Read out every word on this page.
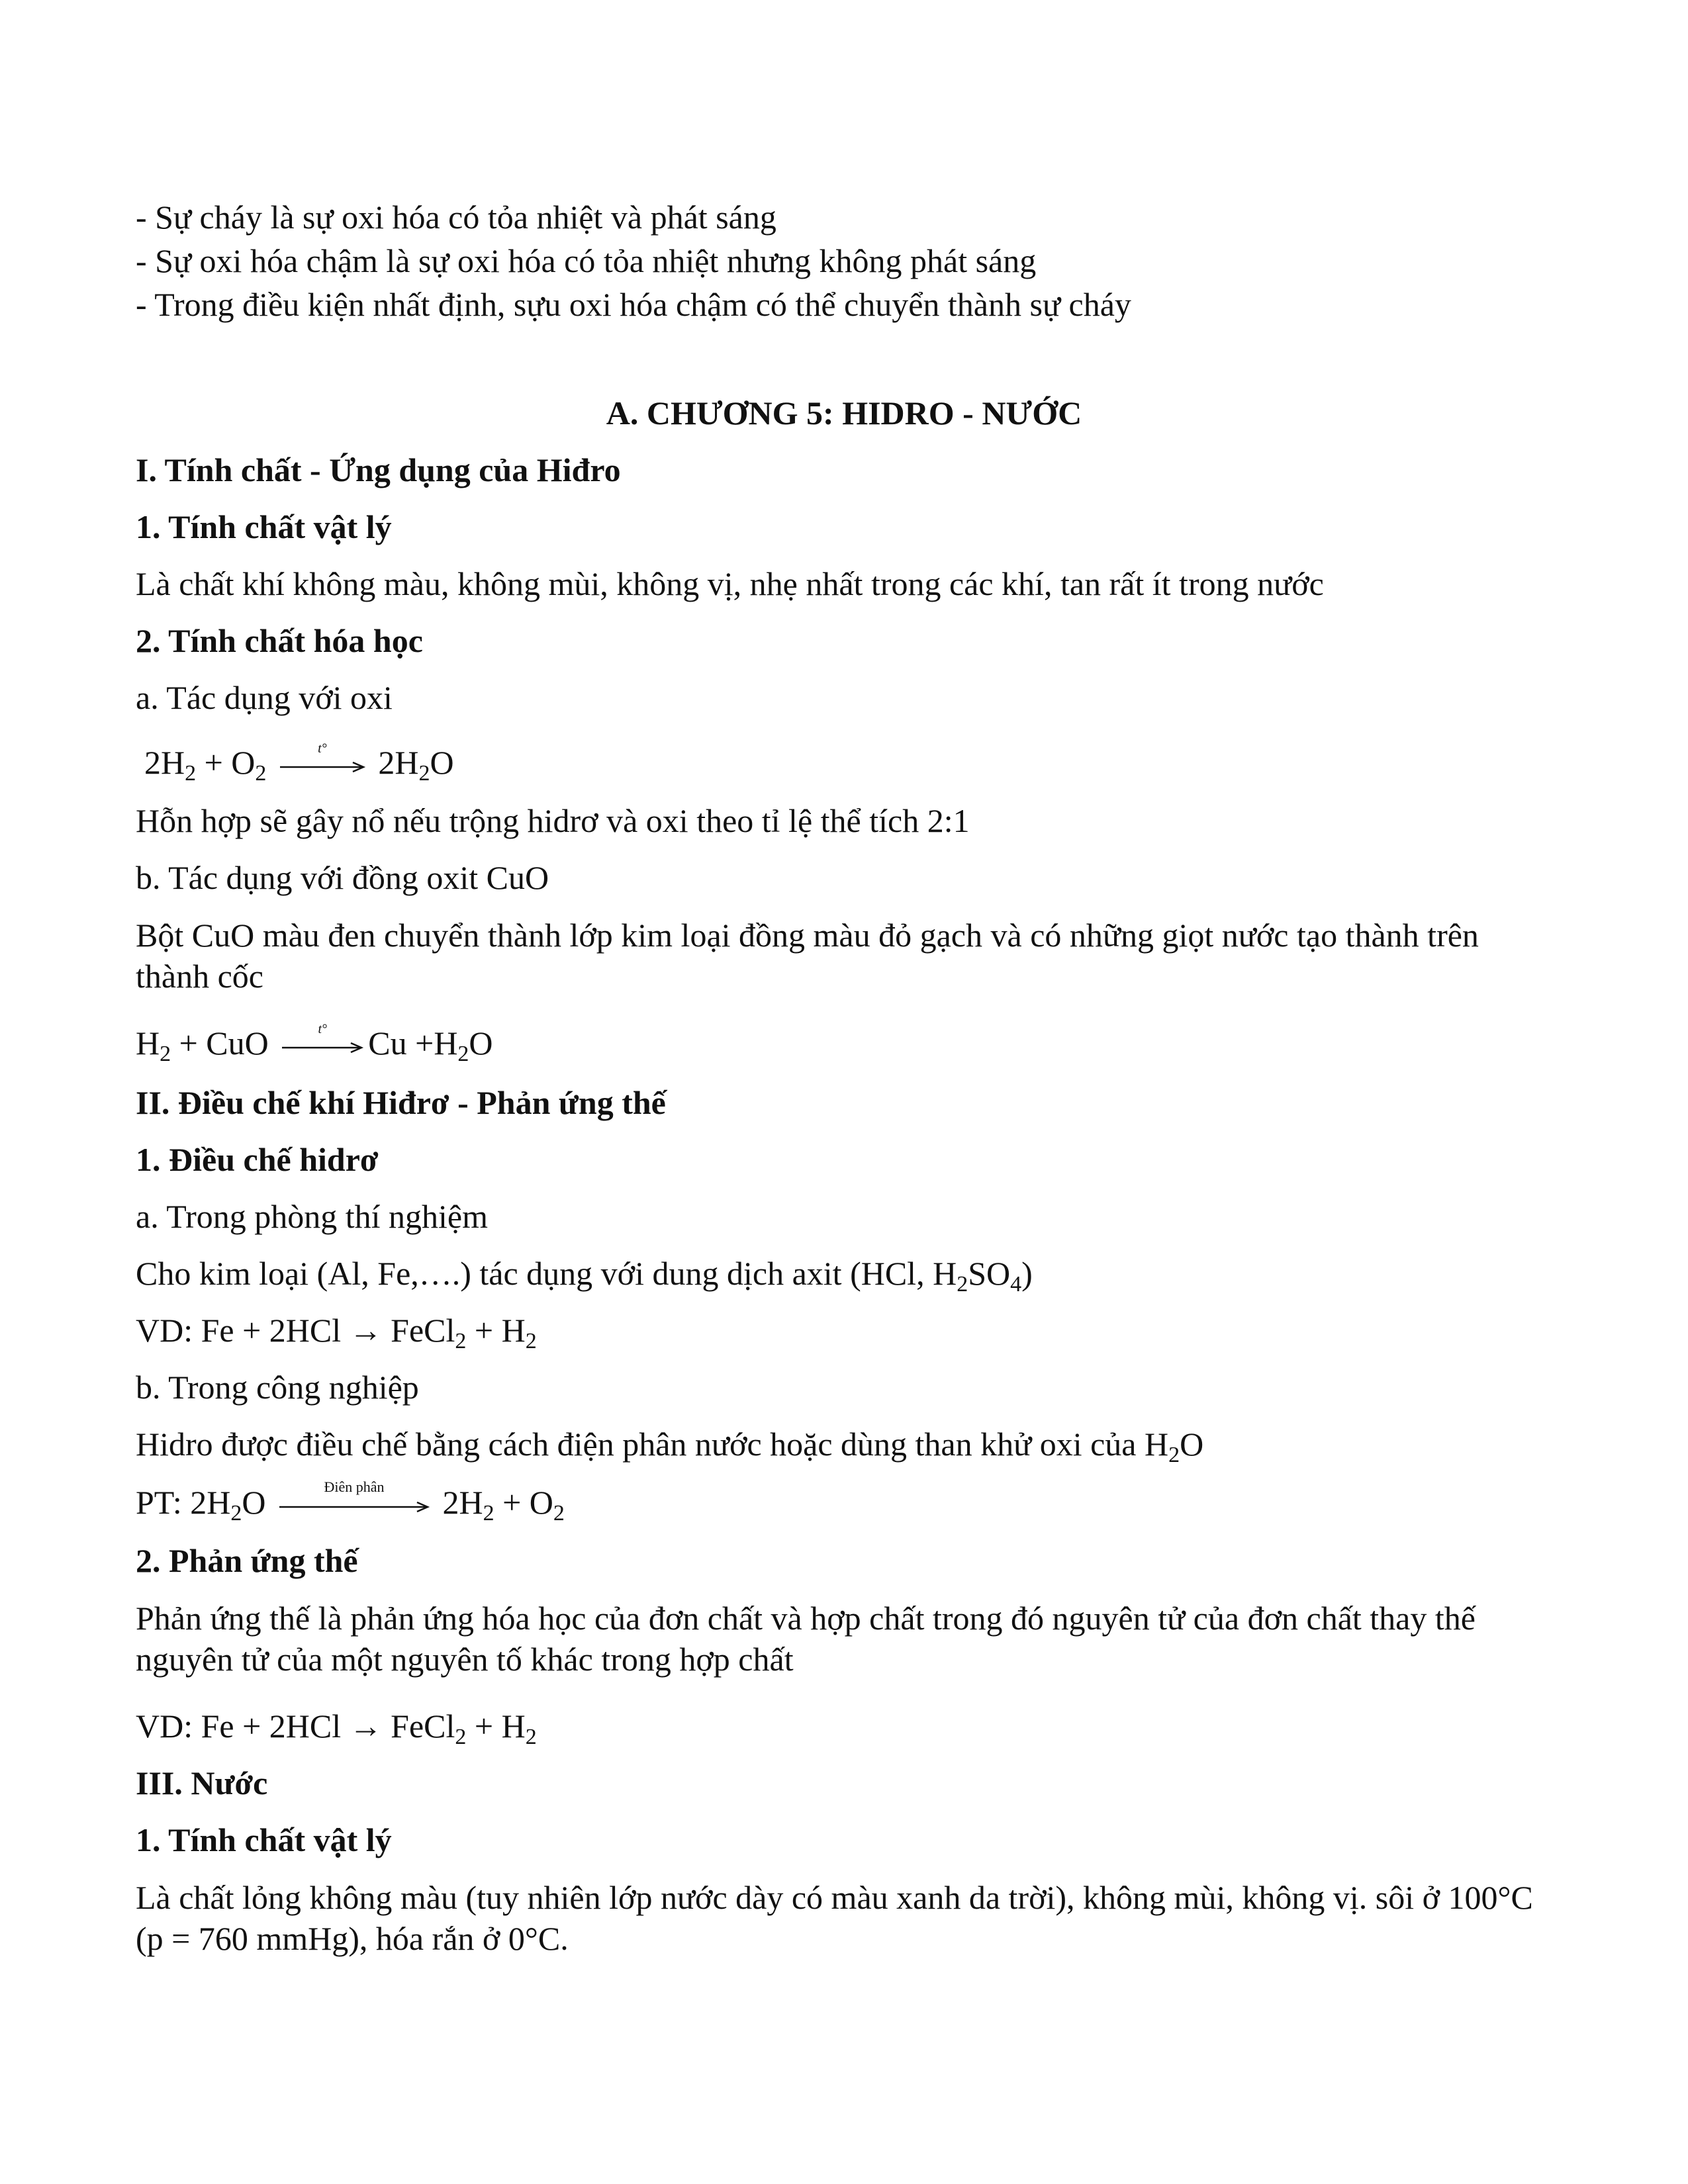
- Sự cháy là sự oxi hóa có tỏa nhiệt và phát sáng
- Sự oxi hóa chậm là sự oxi hóa có tỏa nhiệt nhưng không phát sáng
- Trong điều kiện nhất định, sựu oxi hóa chậm có thể chuyển thành sự cháy
A. CHƯƠNG 5: HIDRO - NƯỚC
I. Tính chất - Ứng dụng của Hiđro
1. Tính chất vật lý
Là chất khí không màu, không mùi, không vị, nhẹ nhất trong các khí, tan rất ít trong nước
2. Tính chất hóa học
a. Tác dụng với oxi
$2H_2 + O_2$
t°	$2H_2O$
Hỗn hợp sẽ gây nổ nếu trộng hidrơ và oxi theo tỉ lệ thể tích 2:1
b. Tác dụng với đồng oxit CuO
Bột CuO màu đen chuyển thành lớp kim loại đồng màu đỏ gạch và có những giọt nước tạo thành trên thành cốc
$H_2$ + CuO	t°	$Cu +H_2O$
II. Điều chế khí Hiđrơ - Phản ứng thế
1. Điều chế hidrơ
a. Trong phòng thí nghiệm
Cho kim loại (Al, Fe,….) tác dụng với dung dịch axit (HCl, $H_2SO_4$)
VD: Fe + 2HCl → FeCl$_2$ + $H_2$
b. Trong công nghiệp
Hidro được điều chế bằng cách điện phân nước hoặc dùng than khử oxi của $H_2O$
PT: $2H_2O$	Điên phân	$2H_2 + O_2$
2. Phản ứng thế
Phản ứng thế là phản ứng hóa học của đơn chất và hợp chất trong đó nguyên tử của đơn chất thay thế nguyên tử của một nguyên tố khác trong hợp chất
VD: Fe + 2HCl → FeCl$_2$ + $H_2$
III. Nước
1. Tính chất vật lý
Là chất lỏng không màu (tuy nhiên lớp nước dày có màu xanh da trời), không mùi, không vị. sôi ở 100°C (p = 760 mmHg), hóa rắn ở 0°C.
